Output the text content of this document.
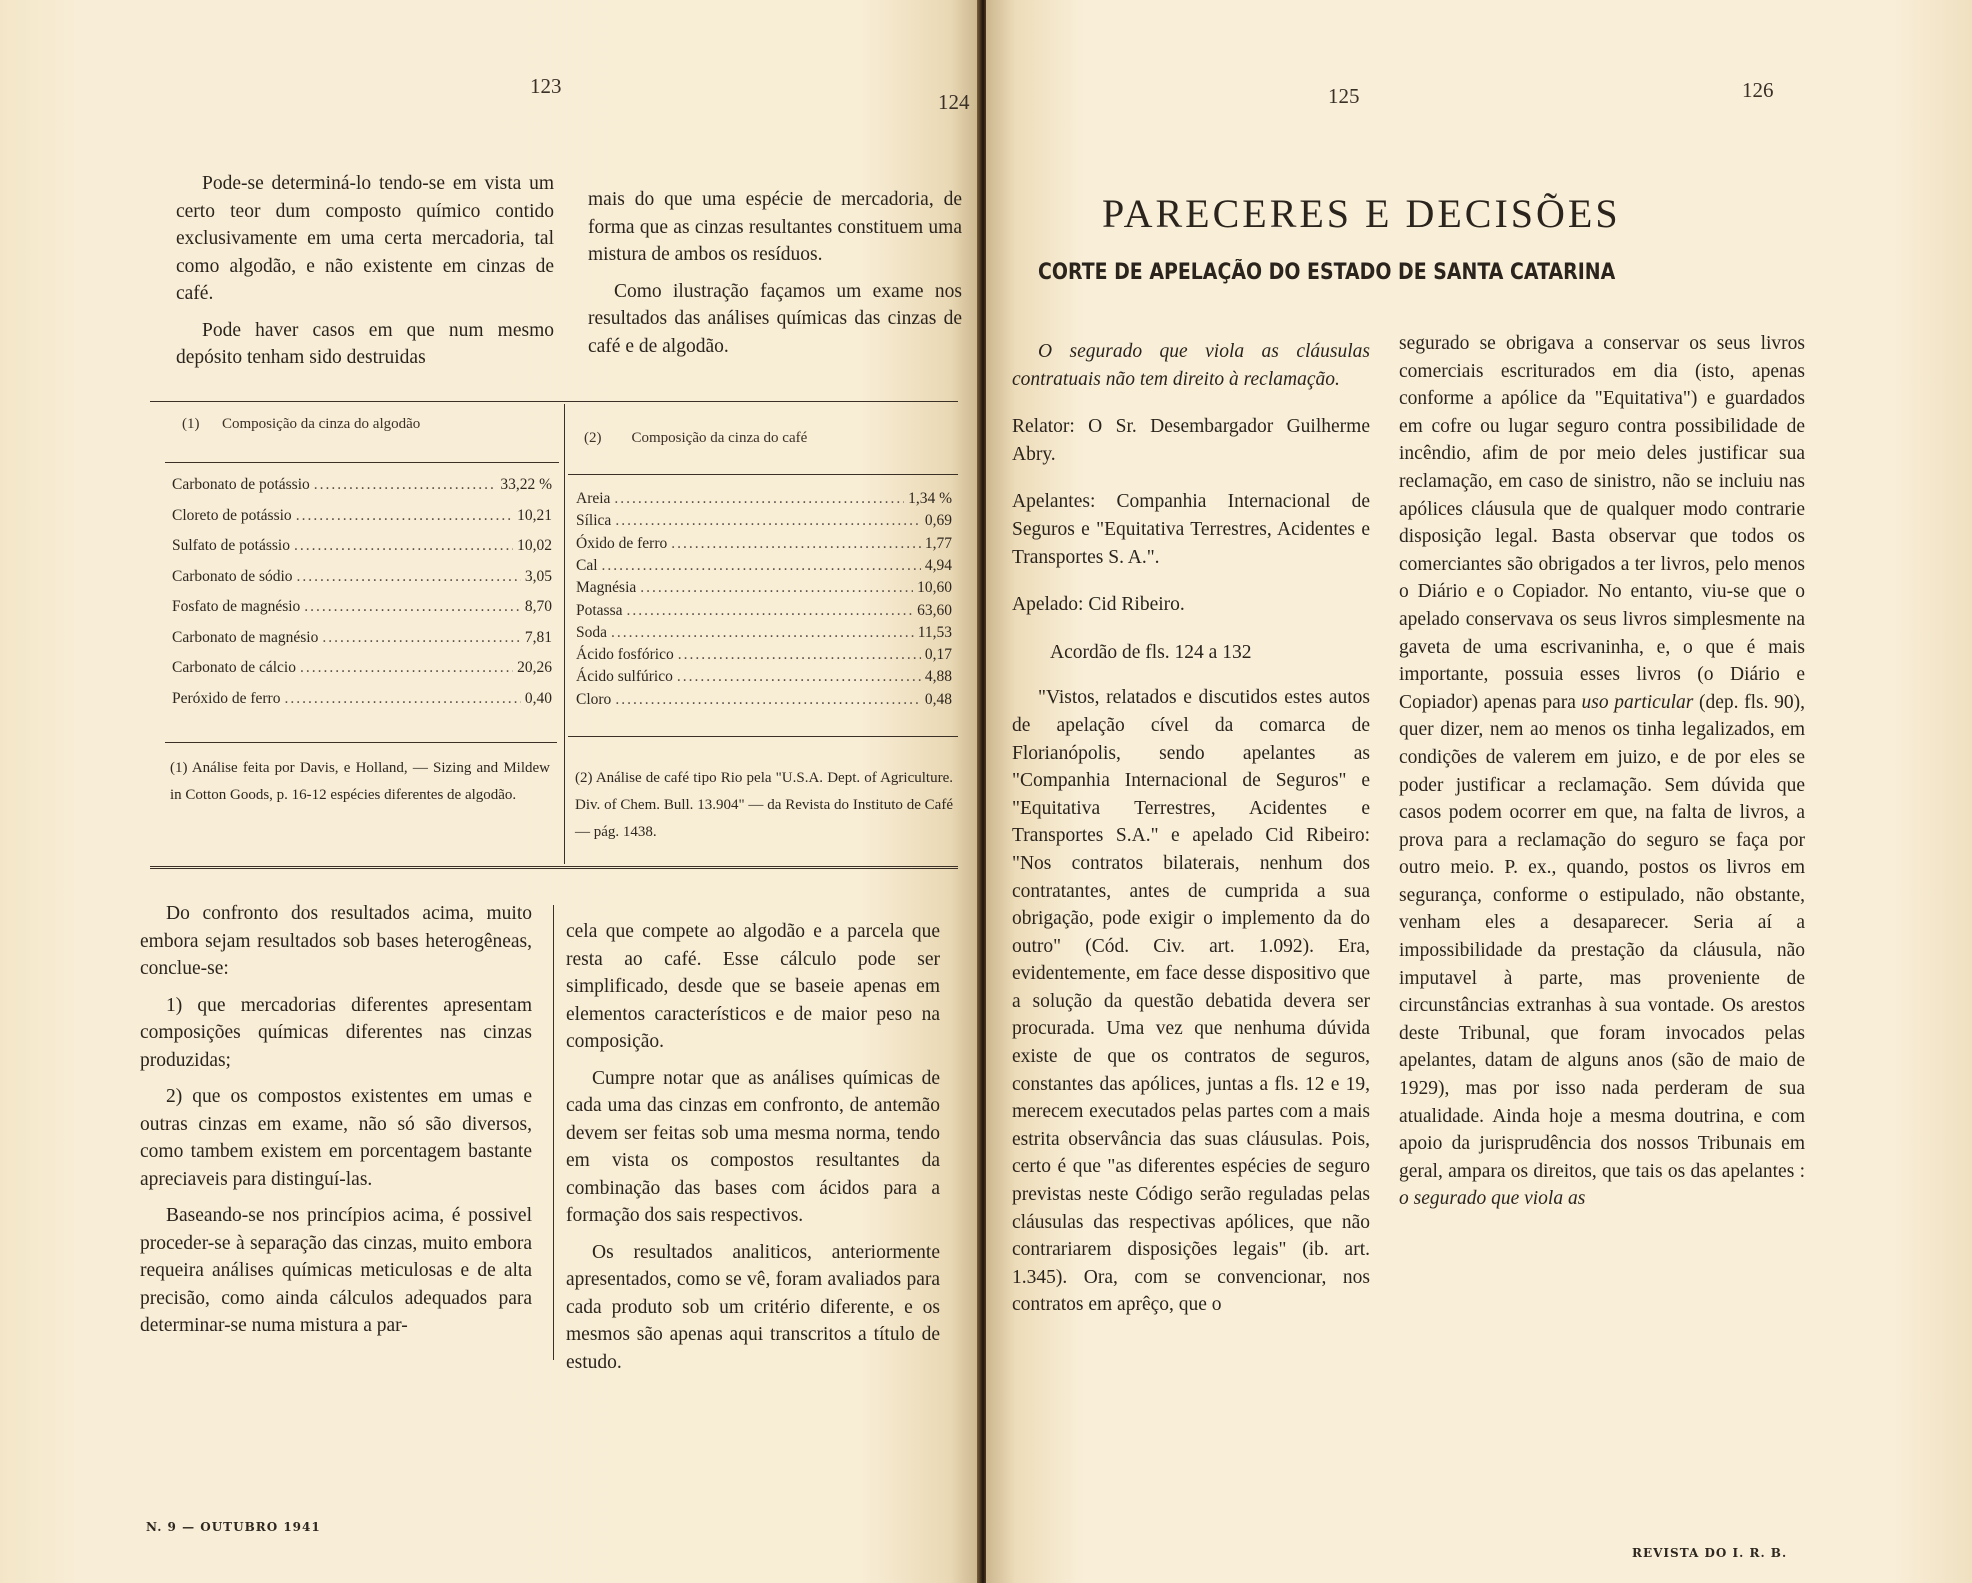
123
124

Pode-se determiná-lo tendo-se em vista um certo teor dum composto químico contido exclusivamente em uma certa mercadoria, tal como algodão, e não existente em cinzas de café.

Pode haver casos em que num mesmo depósito tenham sido destruidas

mais do que uma espécie de mercadoria, de forma que as cinzas resultantes constituem uma mistura de ambos os resíduos.

Como ilustração façamos um exame nos resultados das análises químicas das cinzas de café e de algodão.

(1) Composição da cinza do algodão
(2) Composição da cinza do café
Carbonato de potássio .....	33,22 %
Cloreto de potássio .....	10,21
Sulfato de potássio .....	10,02
Carbonato de sódio .....	3,05
Fosfato de magnésio .....	8,70
Carbonato de magnésio .....	7,81
Carbonato de cálcio .....	20,26
Peróxido de ferro .....	0,40
Areia .....	1,34 %
Sílica .....	0,69
Óxido de ferro .....	1,77
Cal .....	4,94
Magnésia .....	10,60
Potassa .....	63,60
Soda .....	11,53
Ácido fosfórico .....	0,17
Ácido sulfúrico .....	4,88
Cloro .....	0,48
(1) Análise feita por Davis, e Holland, — Sizing and Mildew in Cotton Goods, p. 16-12 espécies diferentes de algodão.
(2) Análise de café tipo Rio pela "U.S.A. Dept. of Agriculture. Div. of Chem. Bull. 13.904" — da Revista do Instituto de Café — pág. 1438.

Do confronto dos resultados acima, muito embora sejam resultados sob bases heterogêneas, conclue-se:

1) que mercadorias diferentes apresentam composições químicas diferentes nas cinzas produzidas;

2) que os compostos existentes em umas e outras cinzas em exame, não só são diversos, como tambem existem em porcentagem bastante apreciaveis para distinguí-las.

Baseando-se nos princípios acima, é possivel proceder-se à separação das cinzas, muito embora requeira análises químicas meticulosas e de alta precisão, como ainda cálculos adequados para determinar-se numa mistura a par-

cela que compete ao algodão e a parcela que resta ao café. Esse cálculo pode ser simplificado, desde que se baseie apenas em elementos característicos e de maior peso na composição.

Cumpre notar que as análises químicas de cada uma das cinzas em confronto, de antemão devem ser feitas sob uma mesma norma, tendo em vista os compostos resultantes da combinação das bases com ácidos para a formação dos sais respectivos.

Os resultados analiticos, anteriormente apresentados, como se vê, foram avaliados para cada produto sob um critério diferente, e os mesmos são apenas aqui transcritos a título de estudo.

N. 9 — OUTUBRO 1941
125	126
PARECERES E DECISÕES
CORTE DE APELAÇÃO DO ESTADO DE SANTA CATARINA

O segurado que viola as cláusulas contratuais não tem direito à reclamação.

Relator: O Sr. Desembargador Guilherme Abry.

Apelantes: Companhia Internacional de Seguros e "Equitativa Terrestres, Acidentes e Transportes S. A.".

Apelado: Cid Ribeiro.

Acordão de fls. 124 a 132

"Vistos, relatados e discutidos estes autos de apelação cível da comarca de Florianópolis, sendo apelantes as "Companhia Internacional de Seguros" e "Equitativa Terrestres, Acidentes e Transportes S.A." e apelado Cid Ribeiro: "Nos contratos bilaterais, nenhum dos contratantes, antes de cumprida a sua obrigação, pode exigir o implemento da do outro" (Cód. Civ. art. 1.092). Era, evidentemente, em face desse dispositivo que a solução da questão debatida devera ser procurada. Uma vez que nenhuma dúvida existe de que os contratos de seguros, constantes das apólices, juntas a fls. 12 e 19, merecem executados pelas partes com a mais estrita observância das suas cláusulas. Pois, certo é que "as diferentes espécies de seguro previstas neste Código serão reguladas pelas cláusulas das respectivas apólices, que não contrariarem disposições legais" (ib. art. 1.345). Ora, com se convencionar, nos contratos em aprêço, que o

segurado se obrigava a conservar os seus livros comerciais escriturados em dia (isto, apenas conforme a apólice da "Equitativa") e guardados em cofre ou lugar seguro contra possibilidade de incêndio, afim de por meio deles justificar sua reclamação, em caso de sinistro, não se incluiu nas apólices cláusula que de qualquer modo contrarie disposição legal. Basta observar que todos os comerciantes são obrigados a ter livros, pelo menos o Diário e o Copiador. No entanto, viu-se que o apelado conservava os seus livros simplesmente na gaveta de uma escrivaninha, e, o que é mais importante, possuia esses livros (o Diário e Copiador) apenas para uso particular (dep. fls. 90), quer dizer, nem ao menos os tinha legalizados, em condições de valerem em juizo, e de por eles se poder justificar a reclamação. Sem dúvida que casos podem ocorrer em que, na falta de livros, a prova para a reclamação do seguro se faça por outro meio. P. ex., quando, postos os livros em segurança, conforme o estipulado, não obstante, venham eles a desaparecer. Seria aí a impossibilidade da prestação da cláusula, não imputavel à parte, mas proveniente de circunstâncias extranhas à sua vontade. Os arestos deste Tribunal, que foram invocados pelas apelantes, datam de alguns anos (são de maio de 1929), mas por isso nada perderam de sua atualidade. Ainda hoje a mesma doutrina, e com apoio da jurisprudência dos nossos Tribunais em geral, ampara os direitos, que tais os das apelantes : o segurado que viola as

REVISTA DO I. R. B.
